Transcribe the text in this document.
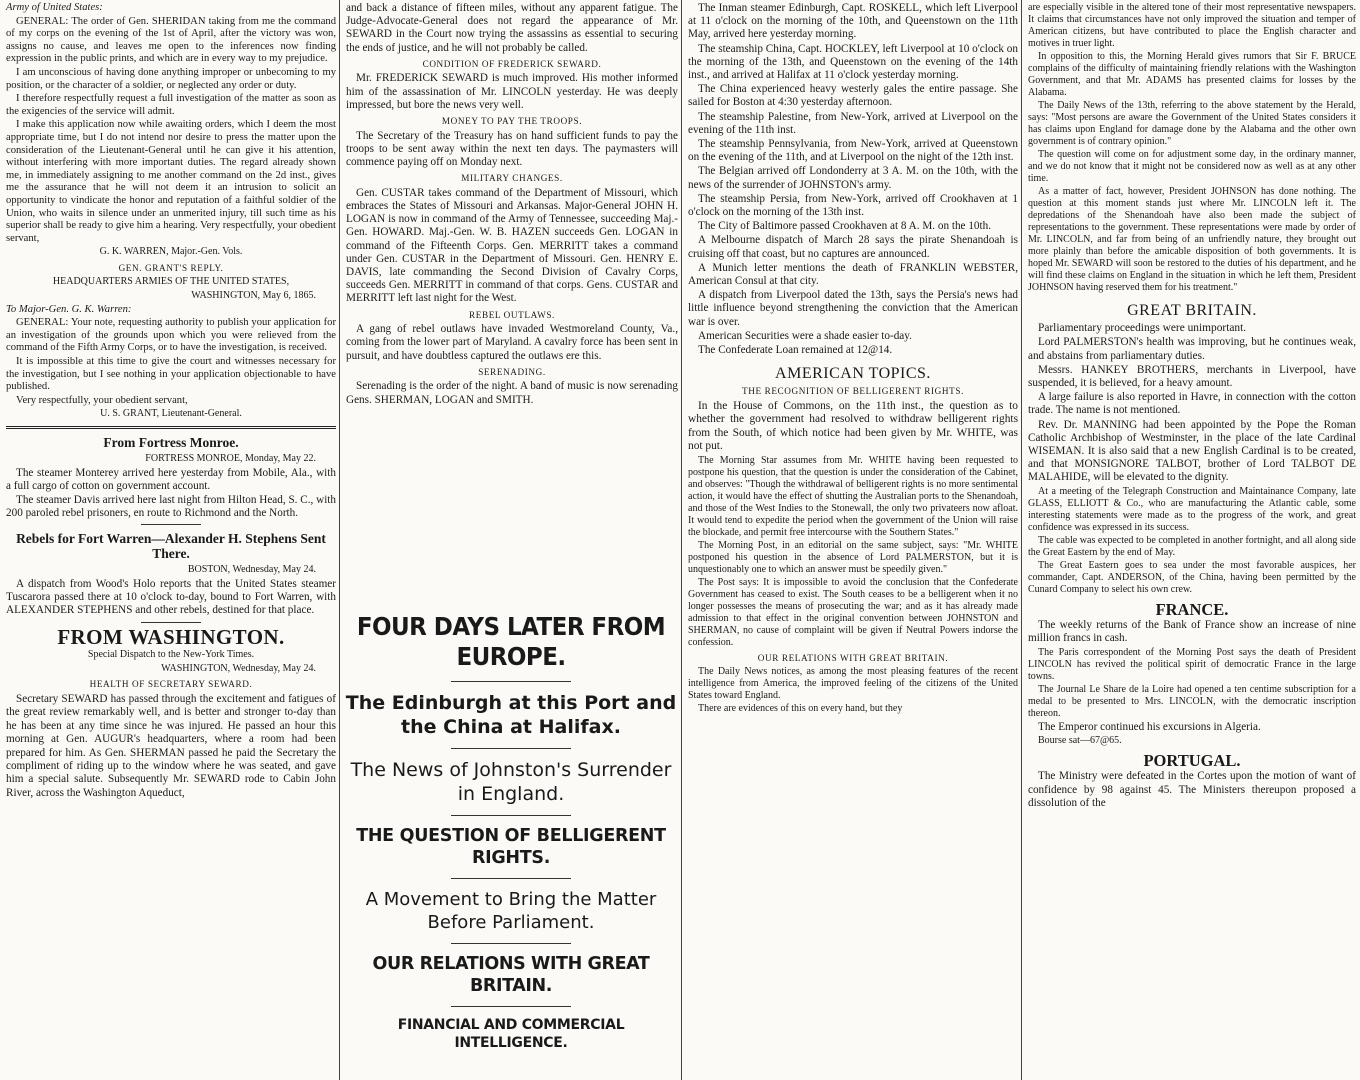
Army of United States:

GENERAL: The order of Gen. SHERIDAN taking from me the command of my corps on the evening of the 1st of April, after the victory was won, assigns no cause, and leaves me open to the inferences now finding expression in the public prints, and which are in every way to my prejudice.

I am unconscious of having done anything improper or unbecoming to my position, or the character of a soldier, or neglected any order or duty.

I therefore respectfully request a full investigation of the matter as soon as the exigencies of the service will admit.

I make this application now while awaiting orders, which I deem the most appropriate time, but I do not intend nor desire to press the matter upon the consideration of the Lieutenant-General until he can give it his attention, without interfering with more important duties. The regard already shown me, in immediately assigning to me another command on the 2d inst., gives me the assurance that he will not deem it an intrusion to solicit an opportunity to vindicate the honor and reputation of a faithful soldier of the Union, who waits in silence under an unmerited injury, till such time as his superior shall be ready to give him a hearing. Very respectfully, your obedient servant,

G. K. WARREN, Major.-Gen. Vols.
GEN. GRANT'S REPLY.
HEADQUARTERS ARMIES OF THE UNITED STATES,
WASHINGTON, May 6, 1865.

To Major-Gen. G. K. Warren:

GENERAL: Your note, requesting authority to publish your application for an investigation of the grounds upon which you were relieved from the command of the Fifth Army Corps, or to have the investigation, is received.

It is impossible at this time to give the court and witnesses necessary for the investigation, but I see nothing in your application objectionable to have published.

Very respectfully, your obedient servant,

U. S. GRANT, Lieutenant-General.
From Fortress Monroe.
FORTRESS MONROE, Monday, May 22.

The steamer Monterey arrived here yesterday from Mobile, Ala., with a full cargo of cotton on government account.

The steamer Davis arrived here last night from Hilton Head, S. C., with 200 paroled rebel prisoners, en route to Richmond and the North.

Rebels for Fort Warren—Alexander H. Stephens Sent There.
BOSTON, Wednesday, May 24.

A dispatch from Wood's Holo reports that the United States steamer Tuscarora passed there at 10 o'clock to-day, bound to Fort Warren, with ALEXANDER STEPHENS and other rebels, destined for that place.

FROM WASHINGTON.
Special Dispatch to the New-York Times.
WASHINGTON, Wednesday, May 24.
HEALTH OF SECRETARY SEWARD.

Secretary SEWARD has passed through the excitement and fatigues of the great review remarkably well, and is better and stronger to-day than he has been at any time since he was injured. He passed an hour this morning at Gen. AUGUR's headquarters, where a room had been prepared for him. As Gen. SHERMAN passed he paid the Secretary the compliment of riding up to the window where he was seated, and gave him a special salute. Subsequently Mr. SEWARD rode to Cabin John River, across the Washington Aqueduct,

and back a distance of fifteen miles, without any apparent fatigue. The Judge-Advocate-General does not regard the appearance of Mr. SEWARD in the Court now trying the assassins as essential to securing the ends of justice, and he will not probably be called.

CONDITION OF FREDERICK SEWARD.

Mr. FREDERICK SEWARD is much improved. His mother informed him of the assassination of Mr. LINCOLN yesterday. He was deeply impressed, but bore the news very well.

MONEY TO PAY THE TROOPS.

The Secretary of the Treasury has on hand sufficient funds to pay the troops to be sent away within the next ten days. The paymasters will commence paying off on Monday next.

MILITARY CHANGES.

Gen. CUSTAR takes command of the Department of Missouri, which embraces the States of Missouri and Arkansas. Major-General JOHN H. LOGAN is now in command of the Army of Tennessee, succeeding Maj.-Gen. HOWARD. Maj.-Gen. W. B. HAZEN succeeds Gen. LOGAN in command of the Fifteenth Corps. Gen. MERRITT takes a command under Gen. CUSTAR in the Department of Missouri. Gen. HENRY E. DAVIS, late commanding the Second Division of Cavalry Corps, succeeds Gen. MERRITT in command of that corps. Gens. CUSTAR and MERRITT left last night for the West.

REBEL OUTLAWS.

A gang of rebel outlaws have invaded Westmoreland County, Va., coming from the lower part of Maryland. A cavalry force has been sent in pursuit, and have doubtless captured the outlaws ere this.

SERENADING.

Serenading is the order of the night. A band of music is now serenading Gens. SHERMAN, LOGAN and SMITH.

FOUR DAYS LATER FROM EUROPE.
The Edinburgh at this Port and the China at Halifax.
The News of Johnston's Surrender in England.
THE QUESTION OF BELLIGERENT RIGHTS.
A Movement to Bring the Matter Before Parliament.
OUR RELATIONS WITH GREAT BRITAIN.
FINANCIAL AND COMMERCIAL INTELLIGENCE.

The Inman steamer Edinburgh, Capt. ROSKELL, which left Liverpool at 11 o'clock on the morning of the 10th, and Queenstown on the 11th May, arrived here yesterday morning.

The steamship China, Capt. HOCKLEY, left Liverpool at 10 o'clock on the morning of the 13th, and Queenstown on the evening of the 14th inst., and arrived at Halifax at 11 o'clock yesterday morning.

The China experienced heavy westerly gales the entire passage. She sailed for Boston at 4:30 yesterday afternoon.

The steamship Palestine, from New-York, arrived at Liverpool on the evening of the 11th inst.

The steamship Pennsylvania, from New-York, arrived at Queenstown on the evening of the 11th, and at Liverpool on the night of the 12th inst.

The Belgian arrived off Londonderry at 3 A. M. on the 10th, with the news of the surrender of JOHNSTON's army.

The steamship Persia, from New-York, arrived off Crookhaven at 1 o'clock on the morning of the 13th inst.

The City of Baltimore passed Crookhaven at 8 A. M. on the 10th.

A Melbourne dispatch of March 28 says the pirate Shenandoah is cruising off that coast, but no captures are announced.

A Munich letter mentions the death of FRANKLIN WEBSTER, American Consul at that city.

A dispatch from Liverpool dated the 13th, says the Persia's news had little influence beyond strengthening the conviction that the American war is over.

American Securities were a shade easier to-day.

The Confederate Loan remained at 12@14.

AMERICAN TOPICS.
THE RECOGNITION OF BELLIGERENT RIGHTS.

In the House of Commons, on the 11th inst., the question as to whether the government had resolved to withdraw belligerent rights from the South, of which notice had been given by Mr. WHITE, was not put.

The Morning Star assumes from Mr. WHITE having been requested to postpone his question, that the question is under the consideration of the Cabinet, and observes: "Though the withdrawal of belligerent rights is no more sentimental action, it would have the effect of shutting the Australian ports to the Shenandoah, and those of the West Indies to the Stonewall, the only two privateers now afloat. It would tend to expedite the period when the government of the Union will raise the blockade, and permit free intercourse with the Southern States."

The Morning Post, in an editorial on the same subject, says: "Mr. WHITE postponed his question in the absence of Lord PALMERSTON, but it is unquestionably one to which an answer must be speedily given."

The Post says: It is impossible to avoid the conclusion that the Confederate Government has ceased to exist. The South ceases to be a belligerent when it no longer possesses the means of prosecuting the war; and as it has already made admission to that effect in the original convention between JOHNSTON and SHERMAN, no cause of complaint will be given if Neutral Powers indorse the confession.

OUR RELATIONS WITH GREAT BRITAIN.

The Daily News notices, as among the most pleasing features of the recent intelligence from America, the improved feeling of the citizens of the United States toward England.

There are evidences of this on every hand, but they

are especially visible in the altered tone of their most representative newspapers. It claims that circumstances have not only improved the situation and temper of American citizens, but have contributed to place the English character and motives in truer light.

In opposition to this, the Morning Herald gives rumors that Sir F. BRUCE complains of the difficulty of maintaining friendly relations with the Washington Government, and that Mr. ADAMS has presented claims for losses by the Alabama.

The Daily News of the 13th, referring to the above statement by the Herald, says: "Most persons are aware the Government of the United States considers it has claims upon England for damage done by the Alabama and the other own government is of contrary opinion."

The question will come on for adjustment some day, in the ordinary manner, and we do not know that it might not be considered now as well as at any other time.

As a matter of fact, however, President JOHNSON has done nothing. The question at this moment stands just where Mr. LINCOLN left it. The depredations of the Shenandoah have also been made the subject of representations to the government. These representations were made by order of Mr. LINCOLN, and far from being of an unfriendly nature, they brought out more plainly than before the amicable disposition of both governments. It is hoped Mr. SEWARD will soon be restored to the duties of his department, and he will find these claims on England in the situation in which he left them, President JOHNSON having reserved them for his treatment."

GREAT BRITAIN.

Parliamentary proceedings were unimportant.

Lord PALMERSTON's health was improving, but he continues weak, and abstains from parliamentary duties.

Messrs. HANKEY BROTHERS, merchants in Liverpool, have suspended, it is believed, for a heavy amount.

A large failure is also reported in Havre, in connection with the cotton trade. The name is not mentioned.

Rev. Dr. MANNING had been appointed by the Pope the Roman Catholic Archbishop of Westminster, in the place of the late Cardinal WISEMAN. It is also said that a new English Cardinal is to be created, and that MONSIGNORE TALBOT, brother of Lord TALBOT DE MALAHIDE, will be elevated to the dignity.

At a meeting of the Telegraph Construction and Maintainance Company, late GLASS, ELLIOTT & Co., who are manufacturing the Atlantic cable, some interesting statements were made as to the progress of the work, and great confidence was expressed in its success.

The cable was expected to be completed in another fortnight, and all along side the Great Eastern by the end of May.

The Great Eastern goes to sea under the most favorable auspices, her commander, Capt. ANDERSON, of the China, having been permitted by the Cunard Company to select his own crew.

FRANCE.

The weekly returns of the Bank of France show an increase of nine million francs in cash.

The Paris correspondent of the Morning Post says the death of President LINCOLN has revived the political spirit of democratic France in the large towns.

The Journal Le Share de la Loire had opened a ten centime subscription for a medal to be presented to Mrs. LINCOLN, with the democratic inscription thereon.

The Emperor continued his excursions in Algeria.

Bourse sat—67@65.

PORTUGAL.

The Ministry were defeated in the Cortes upon the motion of want of confidence by 98 against 45. The Ministers thereupon proposed a dissolution of the
